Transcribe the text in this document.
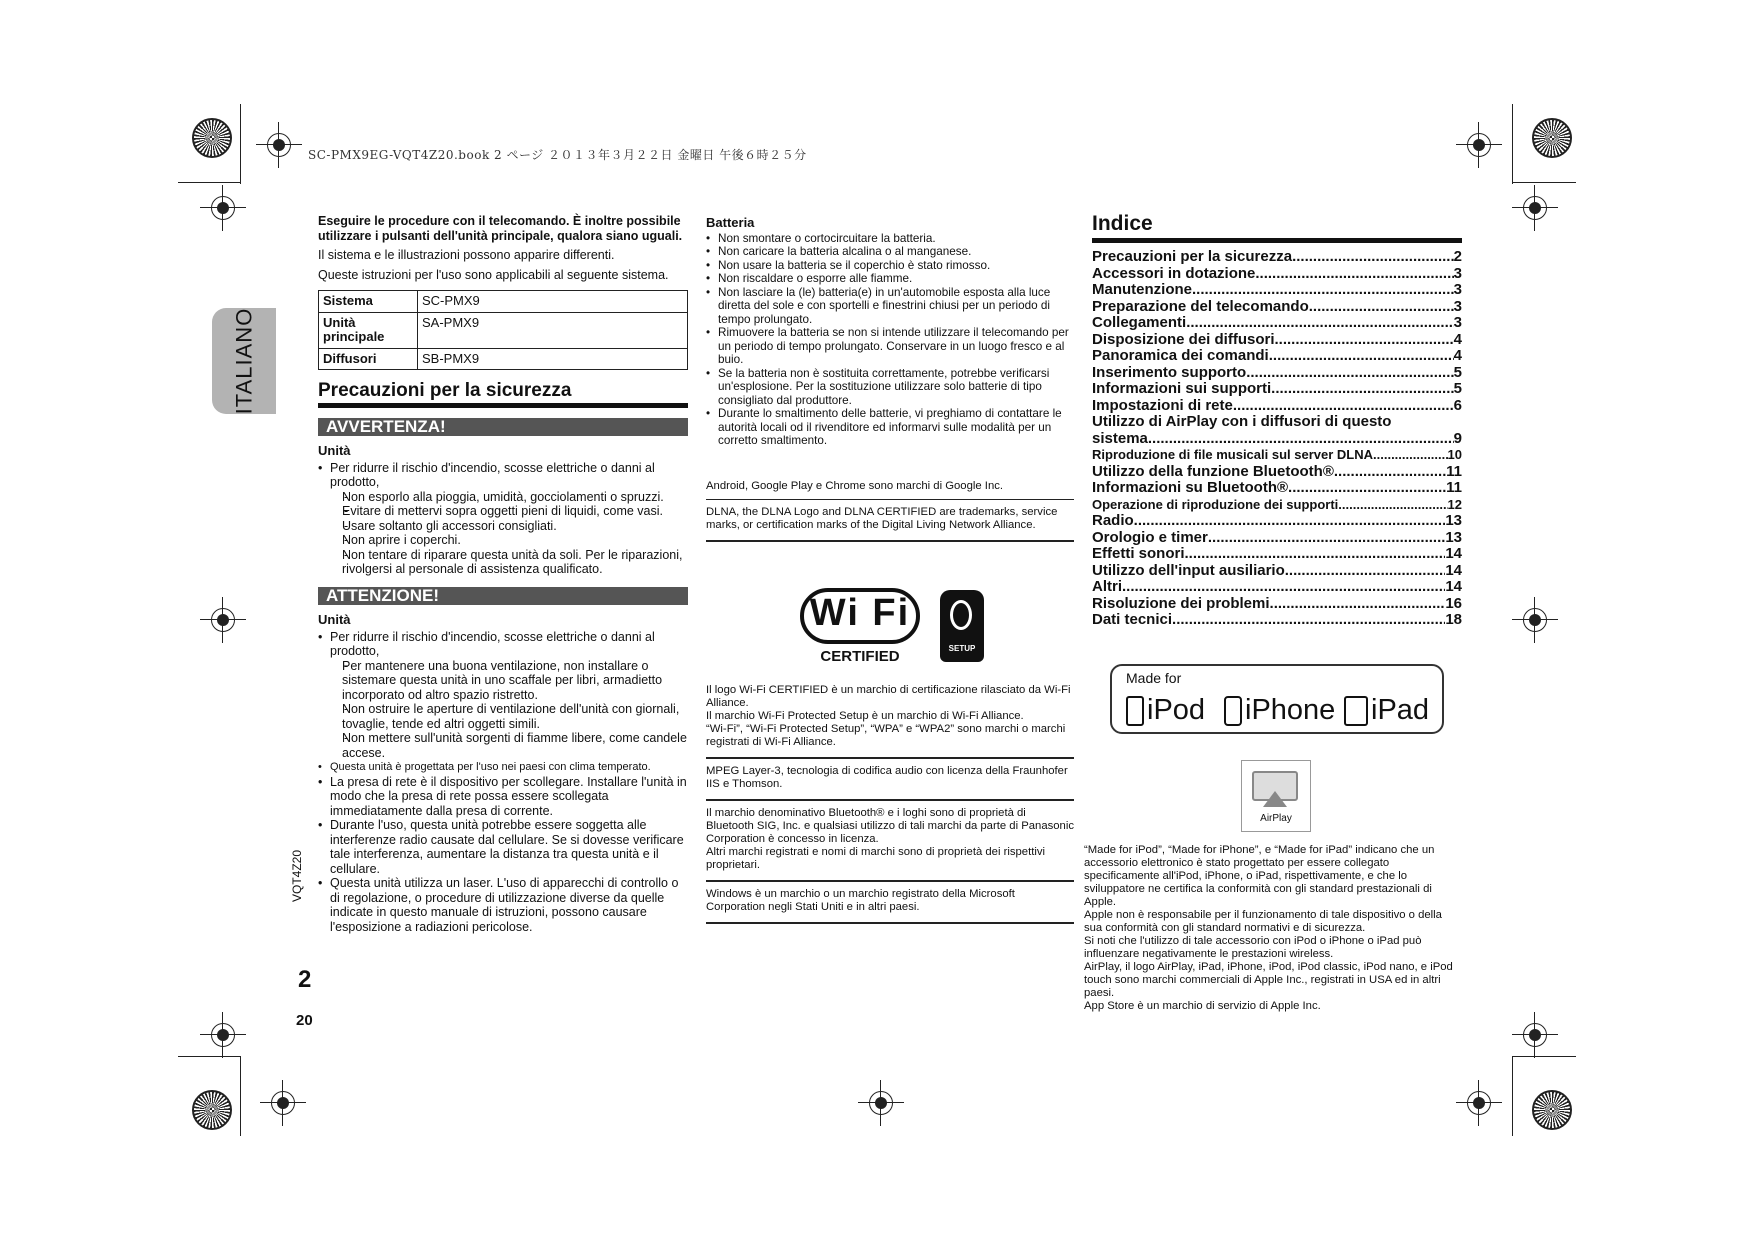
SC-PMX9EG-VQT4Z20.book 2 ページ ２０１３年３月２２日 金曜日 午後６時２５分
ITALIANO
VQT4Z20
2
20

Eseguire le procedure con il telecomando. È inoltre possibile utilizzare i pulsanti dell'unità principale, qualora siano uguali.

Il sistema e le illustrazioni possono apparire differenti.

Queste istruzioni per l'uso sono applicabili al seguente sistema.

Sistema	SC-PMX9
Unità principale	SA-PMX9
Diffusori	SB-PMX9
Precauzioni per la sicurezza
AVVERTENZA!
Unità
• Per ridurre il rischio d'incendio, scosse elettriche o danni al prodotto,
- Non esporlo alla pioggia, umidità, gocciolamenti o spruzzi.
- Evitare di mettervi sopra oggetti pieni di liquidi, come vasi.
- Usare soltanto gli accessori consigliati.
- Non aprire i coperchi.
- Non tentare di riparare questa unità da soli. Per le riparazioni, rivolgersi al personale di assistenza qualificato.
ATTENZIONE!
Unità
• Per ridurre il rischio d'incendio, scosse elettriche o danni al prodotto,
- Per mantenere una buona ventilazione, non installare o sistemare questa unità in uno scaffale per libri, armadietto incorporato od altro spazio ristretto.
- Non ostruire le aperture di ventilazione dell'unità con giornali, tovaglie, tende ed altri oggetti simili.
- Non mettere sull'unità sorgenti di fiamme libere, come candele accese.
• Questa unità è progettata per l'uso nei paesi con clima temperato.
• La presa di rete è il dispositivo per scollegare. Installare l'unità in modo che la presa di rete possa essere scollegata immediatamente dalla presa di corrente.
• Durante l'uso, questa unità potrebbe essere soggetta alle interferenze radio causate dal cellulare. Se si dovesse verificare tale interferenza, aumentare la distanza tra questa unità e il cellulare.
• Questa unità utilizza un laser. L'uso di apparecchi di controllo o di regolazione, o procedure di utilizzazione diverse da quelle indicate in questo manuale di istruzioni, possono causare l'esposizione a radiazioni pericolose.
Batteria
• Non smontare o cortocircuitare la batteria.
• Non caricare la batteria alcalina o al manganese.
• Non usare la batteria se il coperchio è stato rimosso.
• Non riscaldare o esporre alle fiamme.
• Non lasciare la (le) batteria(e) in un'automobile esposta alla luce diretta del sole e con sportelli e finestrini chiusi per un periodo di tempo prolungato.
• Rimuovere la batteria se non si intende utilizzare il telecomando per un periodo di tempo prolungato. Conservare in un luogo fresco e al buio.
• Se la batteria non è sostituita correttamente, potrebbe verificarsi un'esplosione. Per la sostituzione utilizzare solo batterie di tipo consigliato dal produttore.
• Durante lo smaltimento delle batterie, vi preghiamo di contattare le autorità locali od il rivenditore ed informarvi sulle modalità per un corretto smaltimento.
Android, Google Play e Chrome sono marchi di Google Inc.
DLNA, the DLNA Logo and DLNA CERTIFIED are trademarks, service marks, or certification marks of the Digital Living Network Alliance.
Il logo Wi-Fi CERTIFIED è un marchio di certificazione rilasciato da Wi-Fi Alliance.
Il marchio Wi-Fi Protected Setup è un marchio di Wi-Fi Alliance.
“Wi-Fi”, “Wi-Fi Protected Setup”, “WPA” e “WPA2” sono marchi o marchi registrati di Wi-Fi Alliance.
MPEG Layer-3, tecnologia di codifica audio con licenza della Fraunhofer IIS e Thomson.
Il marchio denominativo Bluetooth® e i loghi sono di proprietà di Bluetooth SIG, Inc. e qualsiasi utilizzo di tali marchi da parte di Panasonic Corporation è concesso in licenza.
Altri marchi registrati e nomi di marchi sono di proprietà dei rispettivi proprietari.
Windows è un marchio o un marchio registrato della Microsoft Corporation negli Stati Uniti e in altri paesi.
Wi Fi
CERTIFIED	SETUP
Indice
Precauzioni per la sicurezza .....	2
Accessori in dotazione .....	3
Manutenzione .....	3
Preparazione del telecomando .....	3
Collegamenti .....	3
Disposizione dei diffusori .....	4
Panoramica dei comandi .....	4
Inserimento supporto .....	5
Informazioni sui supporti .....	5
Impostazioni di rete .....	6
Utilizzo di AirPlay con i diffusori di questo
sistema .....	9
Riproduzione di file musicali sul server DLNA .....	10
Utilizzo della funzione Bluetooth® .....	11
Informazioni su Bluetooth® .....	11
Operazione di riproduzione dei supporti .....	12
Radio .....	13
Orologio e timer .....	13
Effetti sonori .....	14
Utilizzo dell'input ausiliario .....	14
Altri .....	14
Risoluzione dei problemi .....	16
Dati tecnici .....	18
Made for
iPod iPhone iPad
AirPlay
“Made for iPod”, “Made for iPhone”, e “Made for iPad” indicano che un accessorio elettronico è stato progettato per essere collegato specificamente all'iPod, iPhone, o iPad, rispettivamente, e che lo sviluppatore ne certifica la conformità con gli standard prestazionali di Apple.
Apple non è responsabile per il funzionamento di tale dispositivo o della sua conformità con gli standard normativi e di sicurezza.
Si noti che l'utilizzo di tale accessorio con iPod o iPhone o iPad può influenzare negativamente le prestazioni wireless.
AirPlay, il logo AirPlay, iPad, iPhone, iPod, iPod classic, iPod nano, e iPod touch sono marchi commerciali di Apple Inc., registrati in USA ed in altri paesi.
App Store è un marchio di servizio di Apple Inc.
